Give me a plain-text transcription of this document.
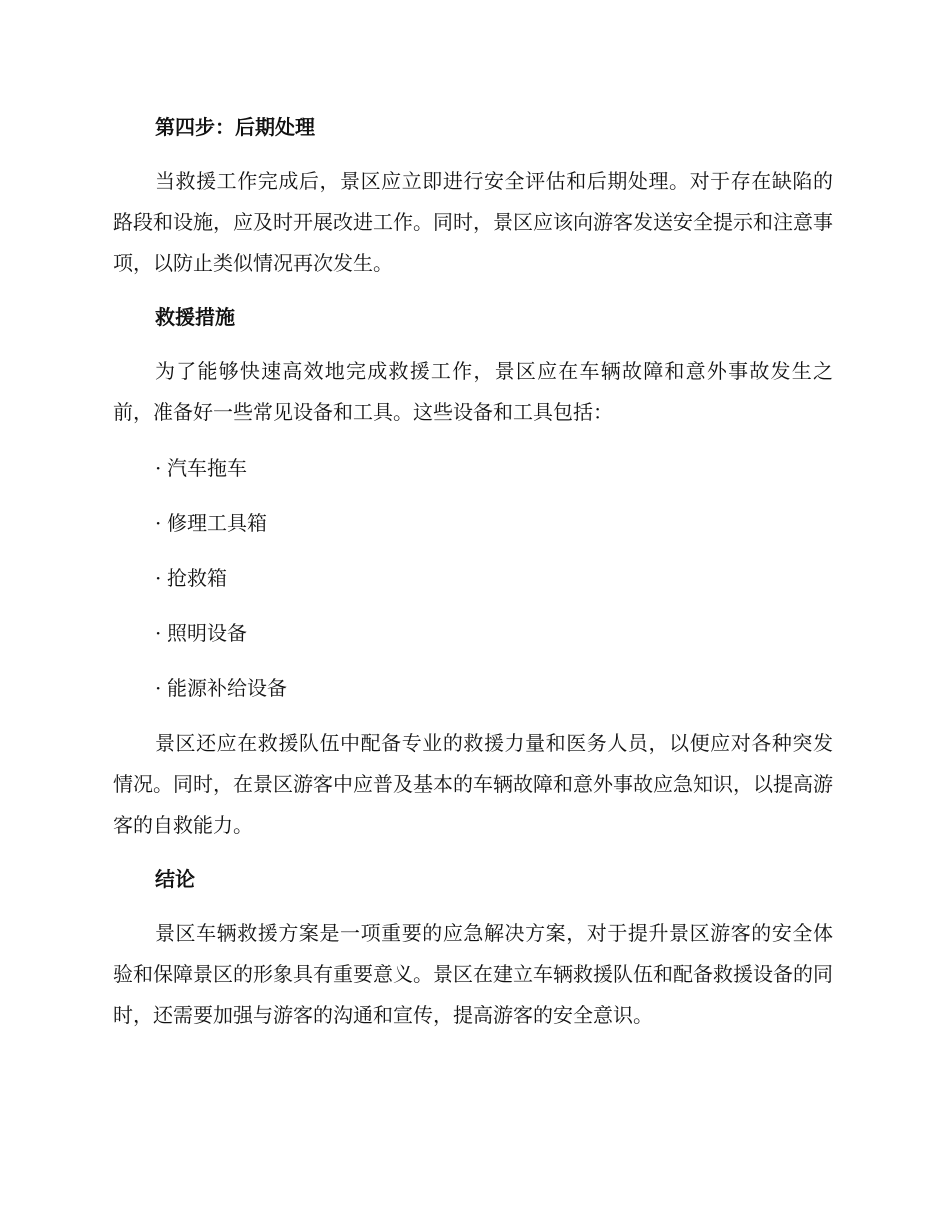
第四步：后期处理

当救援工作完成后，景区应立即进行安全评估和后期处理。对于存在缺陷的路段和设施，应及时开展改进工作。同时，景区应该向游客发送安全提示和注意事项，以防止类似情况再次发生。

救援措施

为了能够快速高效地完成救援工作，景区应在车辆故障和意外事故发生之前，准备好一些常见设备和工具。这些设备和工具包括：

· 汽车拖车
· 修理工具箱
· 抢救箱
· 照明设备
· 能源补给设备

景区还应在救援队伍中配备专业的救援力量和医务人员，以便应对各种突发情况。同时，在景区游客中应普及基本的车辆故障和意外事故应急知识，以提高游客的自救能力。

结论

景区车辆救援方案是一项重要的应急解决方案，对于提升景区游客的安全体验和保障景区的形象具有重要意义。景区在建立车辆救援队伍和配备救援设备的同时，还需要加强与游客的沟通和宣传，提高游客的安全意识。
